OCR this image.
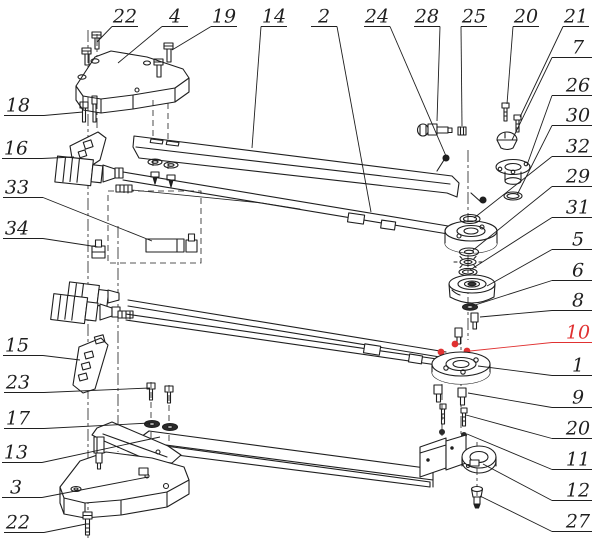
22 4 19 14 2 24 28 25 20 21
7
26
30
32
29
31
5
6
8
10
1
9
20
11
12
27
18
16
33
34
15
23
17
13
3
22
